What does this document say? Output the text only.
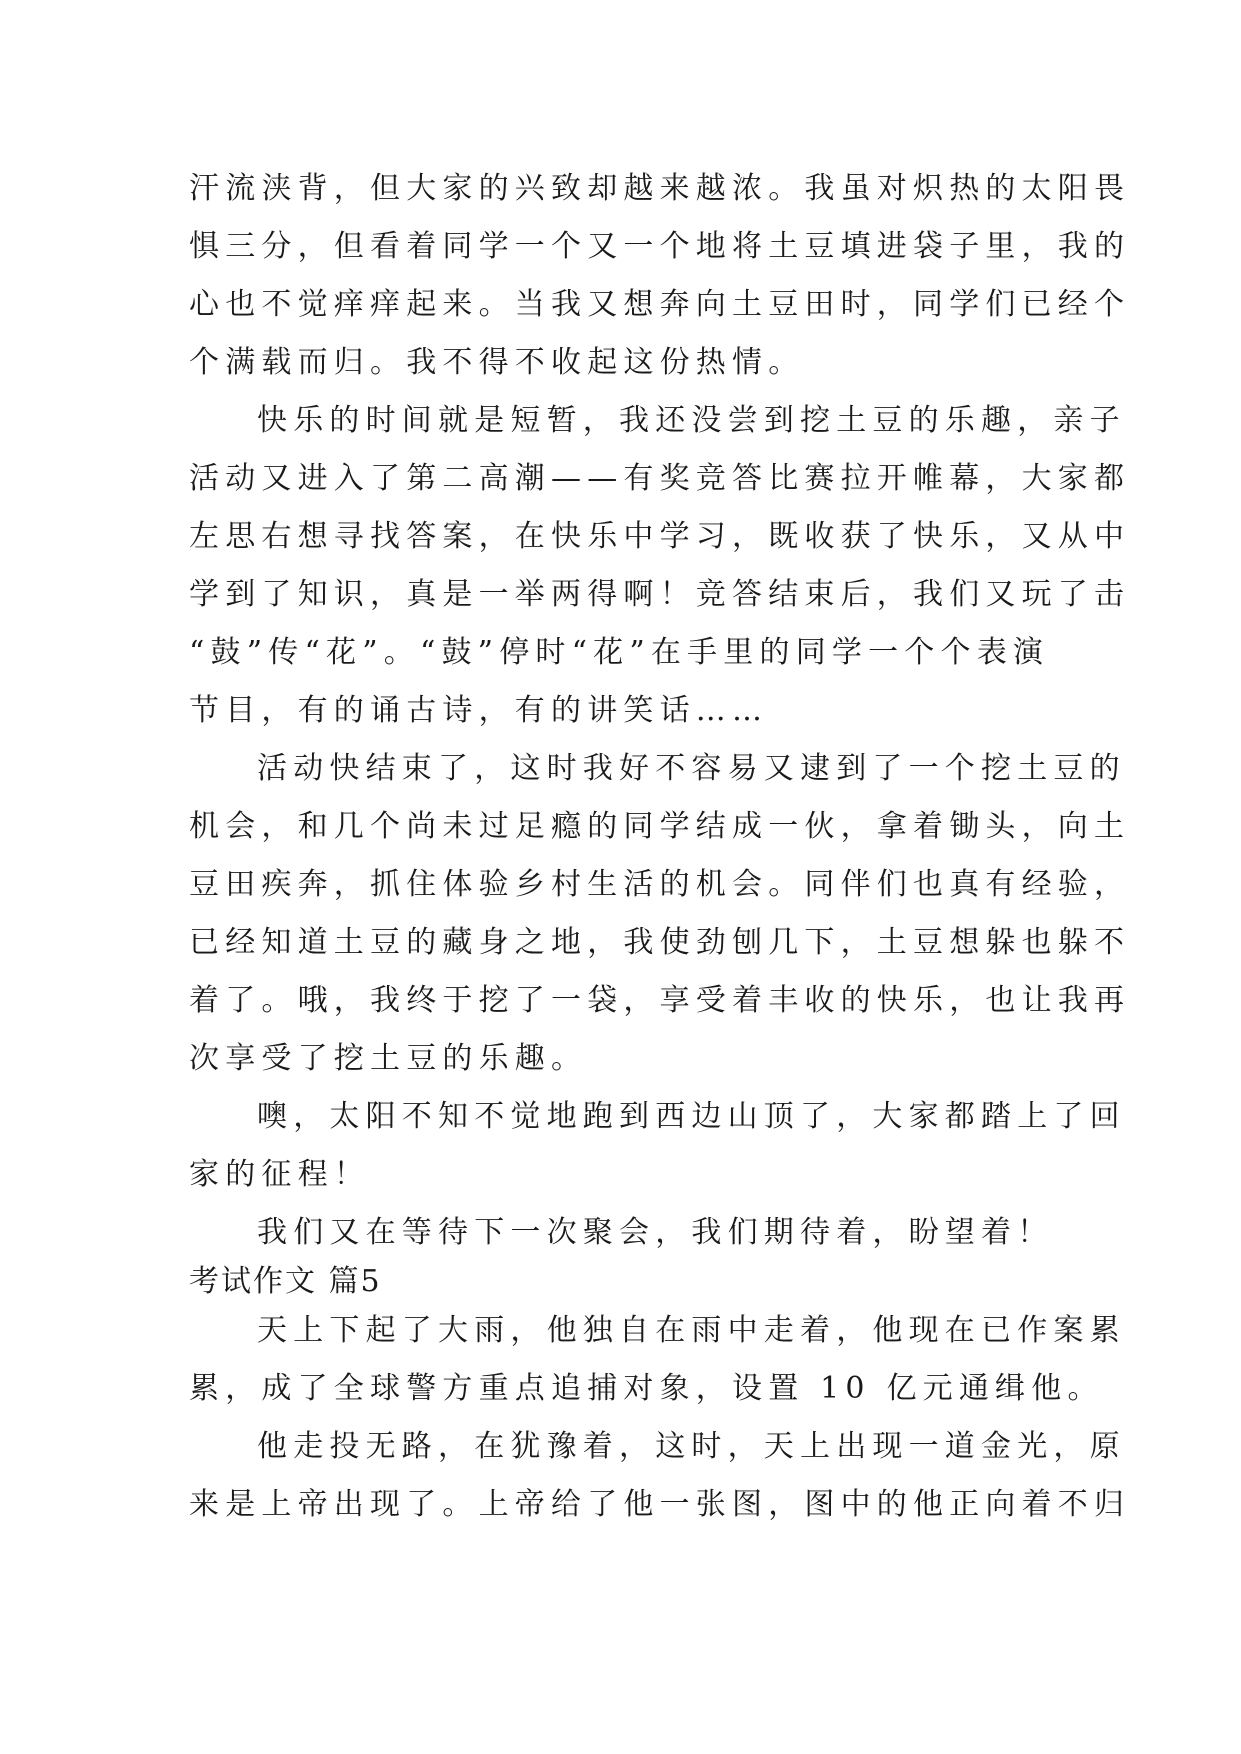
汗流浃背，但大家的兴致却越来越浓。我虽对炽热的太阳畏
惧三分，但看着同学一个又一个地将土豆填进袋子里，我的
心也不觉痒痒起来。当我又想奔向土豆田时，同学们已经个
个满载而归。我不得不收起这份热情。
快乐的时间就是短暂，我还没尝到挖土豆的乐趣，亲子
活动又进入了第二高潮——有奖竞答比赛拉开帷幕，大家都
左思右想寻找答案，在快乐中学习，既收获了快乐，又从中
学到了知识，真是一举两得啊！竞答结束后，我们又玩了击
“鼓”传“花”。“鼓”停时“花”在手里的同学一个个表演
节目，有的诵古诗，有的讲笑话……
活动快结束了，这时我好不容易又逮到了一个挖土豆的
机会，和几个尚未过足瘾的同学结成一伙，拿着锄头，向土
豆田疾奔，抓住体验乡村生活的机会。同伴们也真有经验，
已经知道土豆的藏身之地，我使劲刨几下，土豆想躲也躲不
着了。哦，我终于挖了一袋，享受着丰收的快乐，也让我再
次享受了挖土豆的乐趣。
噢，太阳不知不觉地跑到西边山顶了，大家都踏上了回
家的征程！
我们又在等待下一次聚会，我们期待着，盼望着！
考试作文 篇5
天上下起了大雨，他独自在雨中走着，他现在已作案累
累，成了全球警方重点追捕对象，设置 10 亿元通缉他。
他走投无路，在犹豫着，这时，天上出现一道金光，原
来是上帝出现了。上帝给了他一张图，图中的他正向着不归
